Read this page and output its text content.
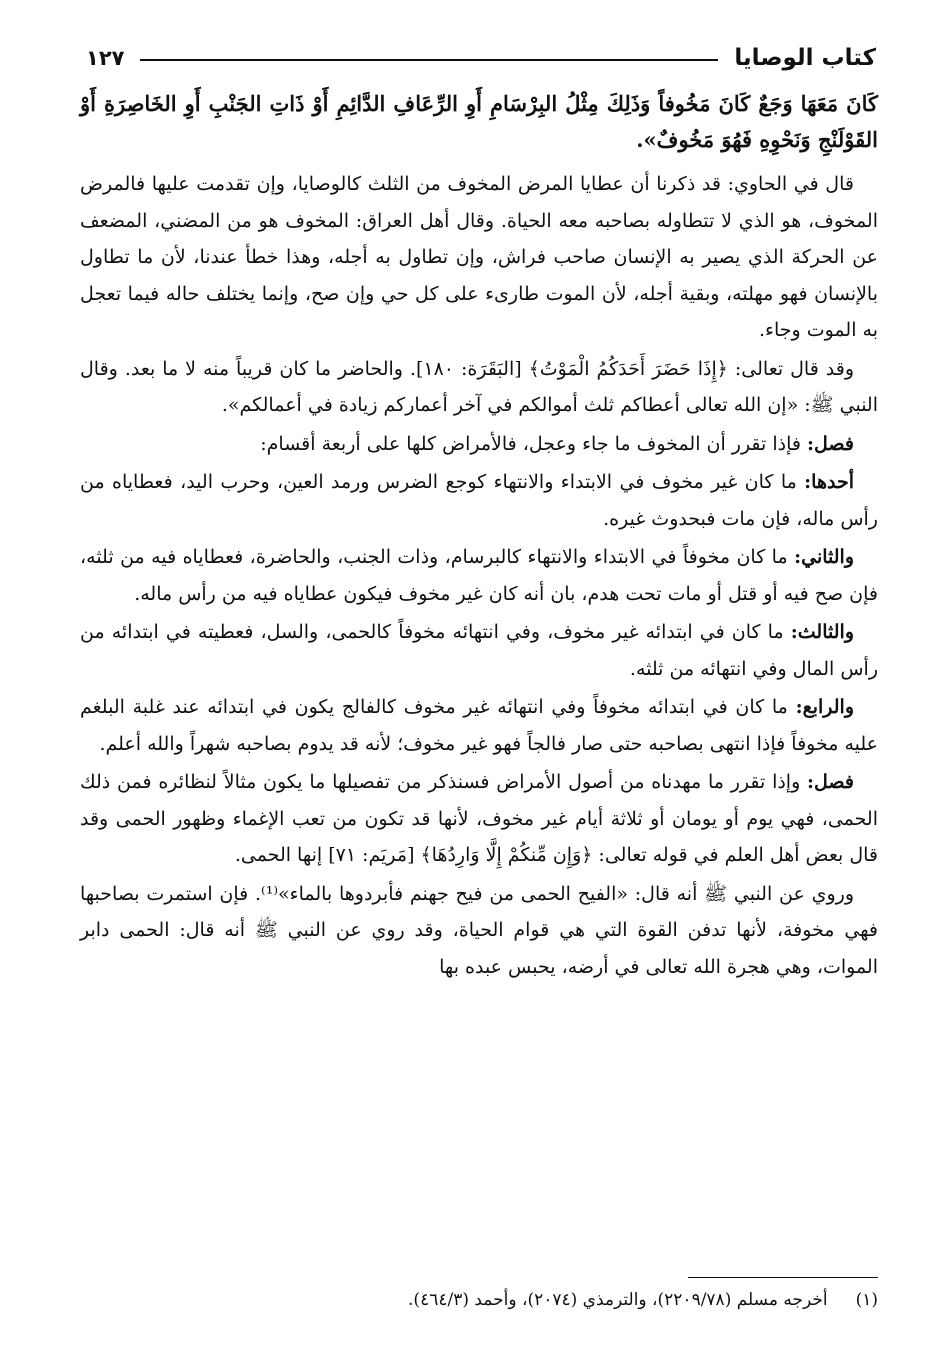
كتاب الوصايا
١٢٧

كَانَ مَعَهَا وَجَعٌ كَانَ مَخُوفاً وَذَلِكَ مِثْلُ البِرْسَامِ أَوِ الرِّعَافِ الدَّائِمِ أَوْ ذَاتِ الجَنْبِ أَوِ الخَاصِرَةِ أَوْ القَوْلَنْجِ وَنَحْوِهِ فَهُوَ مَخُوفٌ».

قال في الحاوي: قد ذكرنا أن عطايا المرض المخوف من الثلث كالوصايا، وإن تقدمت عليها فالمرض المخوف، هو الذي لا تتطاوله بصاحبه معه الحياة. وقال أهل العراق: المخوف هو من المضني، المضعف عن الحركة الذي يصير به الإنسان صاحب فراش، وإن تطاول به أجله، وهذا خطأ عندنا، لأن ما تطاول بالإنسان فهو مهلته، وبقية أجله، لأن الموت طارىء على كل حي وإن صح، وإنما يختلف حاله فيما تعجل به الموت وجاء.

وقد قال تعالى: ﴿إِذَا حَضَرَ أَحَدَكُمُ الْمَوْتُ﴾ [البَقَرَة: ١٨٠]. والحاضر ما كان قريباً منه لا ما بعد. وقال النبي ﷺ: «إن الله تعالى أعطاكم ثلث أموالكم في آخر أعماركم زيادة في أعمالكم».

فصل: فإذا تقرر أن المخوف ما جاء وعجل، فالأمراض كلها على أربعة أقسام:

أحدها: ما كان غير مخوف في الابتداء والانتهاء كوجع الضرس ورمد العين، وحرب اليد، فعطاياه من رأس ماله، فإن مات فبحدوث غيره.

والثاني: ما كان مخوفاً في الابتداء والانتهاء كالبرسام، وذات الجنب، والحاضرة، فعطاياه فيه من ثلثه، فإن صح فيه أو قتل أو مات تحت هدم، بان أنه كان غير مخوف فيكون عطاياه فيه من رأس ماله.

والثالث: ما كان في ابتدائه غير مخوف، وفي انتهائه مخوفاً كالحمى، والسل، فعطيته في ابتدائه من رأس المال وفي انتهائه من ثلثه.

والرابع: ما كان في ابتدائه مخوفاً وفي انتهائه غير مخوف كالفالج يكون في ابتدائه عند غلبة البلغم عليه مخوفاً فإذا انتهى بصاحبه حتى صار فالجاً فهو غير مخوف؛ لأنه قد يدوم بصاحبه شهراً والله أعلم.

فصل: وإذا تقرر ما مهدناه من أصول الأمراض فسنذكر من تفصيلها ما يكون مثالاً لنظائره فمن ذلك الحمى، فهي يوم أو يومان أو ثلاثة أيام غير مخوف، لأنها قد تكون من تعب الإغماء وظهور الحمى وقد قال بعض أهل العلم في قوله تعالى: ﴿وَإِن مِّنكُمْ إِلَّا وَارِدُهَا﴾ [مَريَم: ٧١] إنها الحمى.

وروي عن النبي ﷺ أنه قال: «الفيح الحمى من فيح جهنم فأبردوها بالماء»⁽¹⁾. فإن استمرت بصاحبها فهي مخوفة، لأنها تدفن القوة التي هي قوام الحياة، وقد روي عن النبي ﷺ أنه قال: الحمى دابر الموات، وهي هجرة الله تعالى في أرضه، يحبس عبده بها

(١)أخرجه مسلم (٢٢٠٩/٧٨)، والترمذي (٢٠٧٤)، وأحمد (٤٦٤/٣).
